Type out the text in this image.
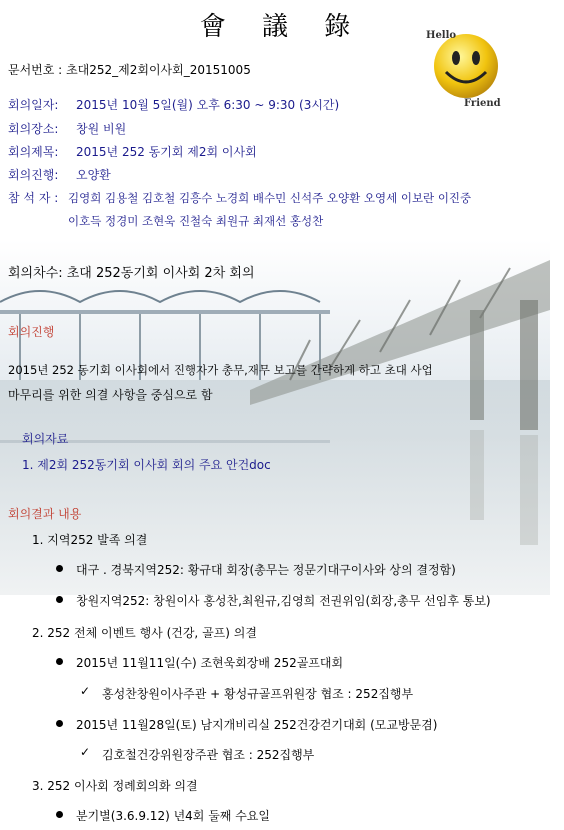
會 議 錄	Hello
Friend
문서번호 : 초대252_제2회이사회_20151005
회의일자: 2015년 10월 5일(월) 오후 6:30 ~ 9:30 (3시간)
회의장소: 창원 비원
회의제목: 2015년 252 동기회 제2회 이사회
회의진행: 오양환
참 석 자 : 김영희 김용철 김호철 김흥수 노경희 배수민 신석주 오양환 오영세 이보란 이진중
이호득 정경미 조현욱 진철숙 최원규 최재선 홍성찬
회의차수: 초대 252동기회 이사회 2차 회의
회의진행
2015년 252 동기회 이사회에서 진행자가 총무,재무 보고를 간략하게 하고 초대 사업
마무리를 위한 의결 사항을 중심으로 함
회의자료
1. 제2회 252동기회 이사회 회의 주요 안건doc
회의결과 내용
1. 지역252 발족 의결
대구 . 경북지역252: 황규대 회장(총무는 정문기대구이사와 상의 결정함)
창원지역252: 창원이사 홍성찬,최원규,김영희 전권위임(회장,총무 선임후 통보)
2. 252 전체 이벤트 행사 (건강, 골프) 의결
2015년 11월11일(수) 조현욱회장배 252골프대회
✓ 홍성찬창원이사주관 + 황성규골프위원장 협조 : 252집행부
2015년 11월28일(토) 남지개비리실 252건강걷기대회 (모교방문겸)
✓ 김호철건강위원장주관 협조 : 252집행부
3. 252 이사회 정례회의화 의결
분기별(3.6.9.12) 년4회 둘째 수요일
